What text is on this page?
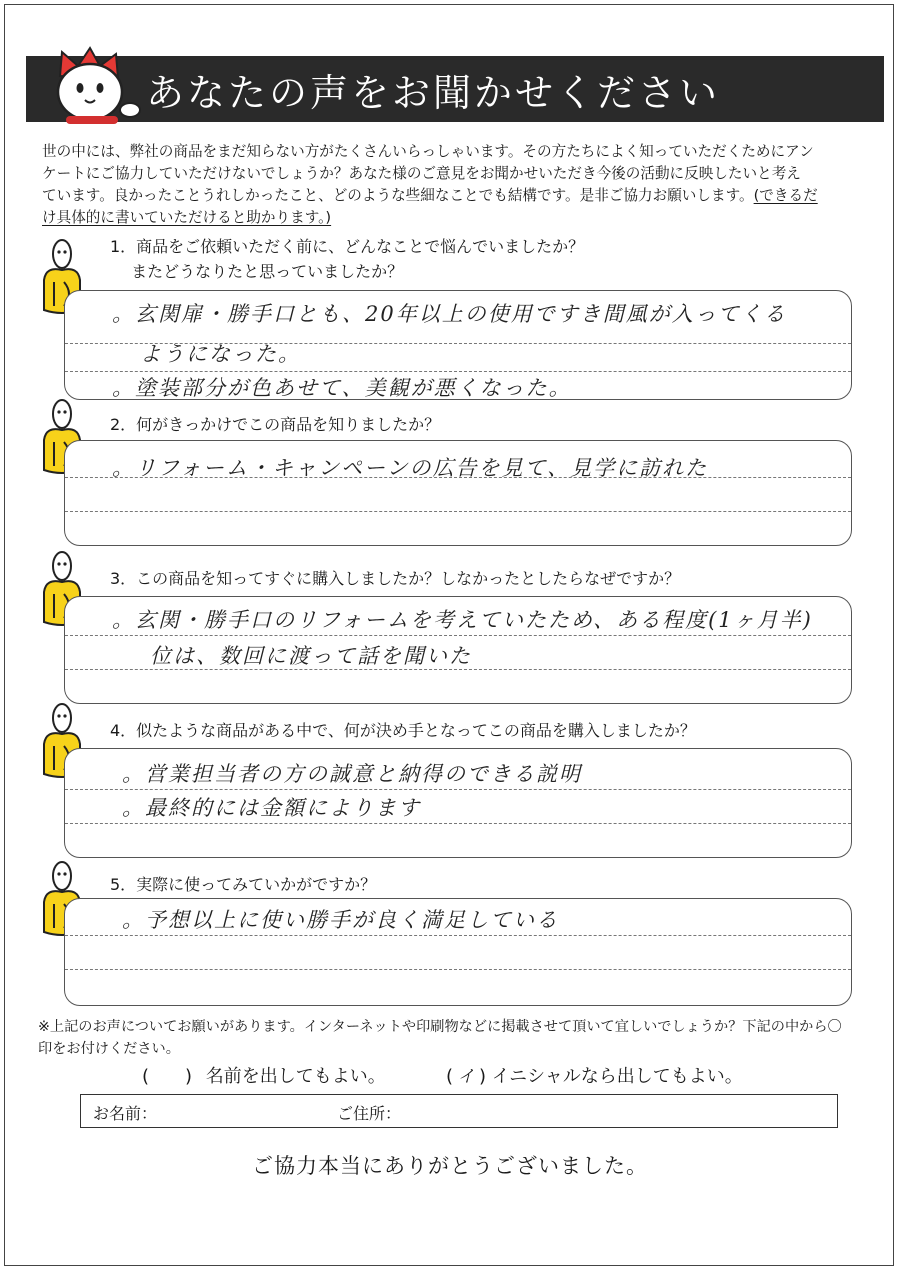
あなたの声をお聞かせください
世の中には、弊社の商品をまだ知らない方がたくさんいらっしゃいます。その方たちによく知っていただくためにアン
ケートにご協力していただけないでしょうか？あなた様のご意見をお聞かせいただき今後の活動に反映したいと考え
ています。良かったことうれしかったこと、どのような些細なことでも結構です。是非ご協力お願いします。(できるだ
け具体的に書いていただけると助かります。)
1．商品をご依頼いただく前に、どんなことで悩んでいましたか？
　 またどうなりたと思っていましたか？
。玄関扉・勝手口とも、20年以上の使用ですき間風が入ってくる
ようになった。
。塗装部分が色あせて、美観が悪くなった。
2．何がきっかけでこの商品を知りましたか？
。リフォーム・キャンペーンの広告を見て、見学に訪れた
3．この商品を知ってすぐに購入しましたか？しなかったとしたらなぜですか？
。玄関・勝手口のリフォームを考えていたため、ある程度(1ヶ月半)
位は、数回に渡って話を聞いた
4．似たような商品がある中で、何が決め手となってこの商品を購入しましたか？
。営業担当者の方の誠意と納得のできる説明
。最終的には金額によります
5．実際に使ってみていかがですか？
。予想以上に使い勝手が良く満足している
※上記のお声についてお願いがあります。インターネットや印刷物などに掲載させて頂いて宜しいでしょうか？下記の中から〇
印をお付けください。
(　　) 名前を出してもよい。	( イ ) イニシャルなら出してもよい。
お名前：	ご住所：
ご協力本当にありがとうございました。
